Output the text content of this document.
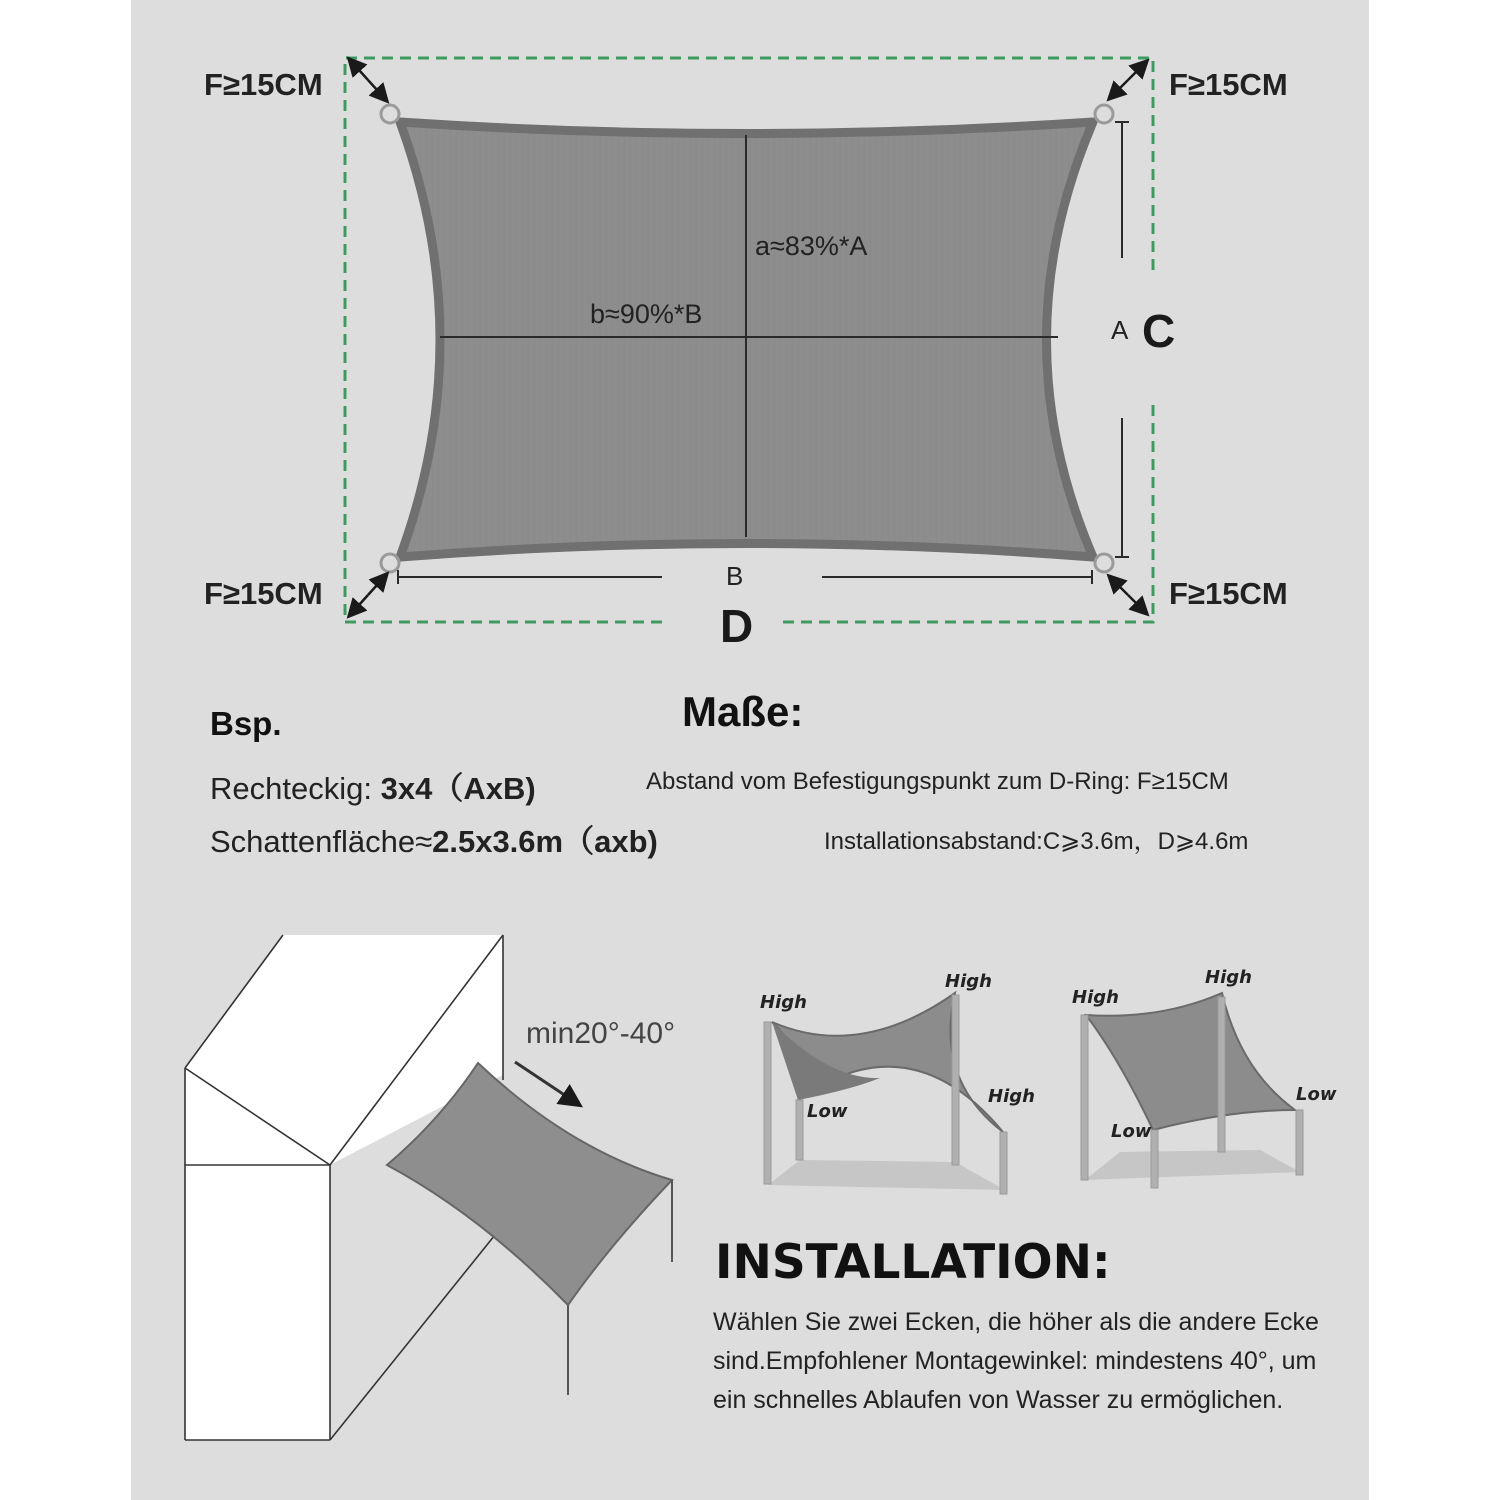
F≥15CM	F≥15CM
F≥15CM	F≥15CM
a≈83%*A
b≈90%*B
A C
B
D
Maße:
Bsp.
Rechteckig: 3x4（AxB)
Schattenfläche≈2.5x3.6m（axb)
Abstand vom Befestigungspunkt zum D-Ring: F≥15CM
Installationsabstand:C⩾3.6m，D⩾4.6m
min20°-40°
High
High
High
Low
High
High
Low
Low
INSTALLATION:
Wählen Sie zwei Ecken, die höher als die andere Ecke sind.Empfohlener Montagewinkel: mindestens 40°, um ein schnelles Ablaufen von Wasser zu ermöglichen.
